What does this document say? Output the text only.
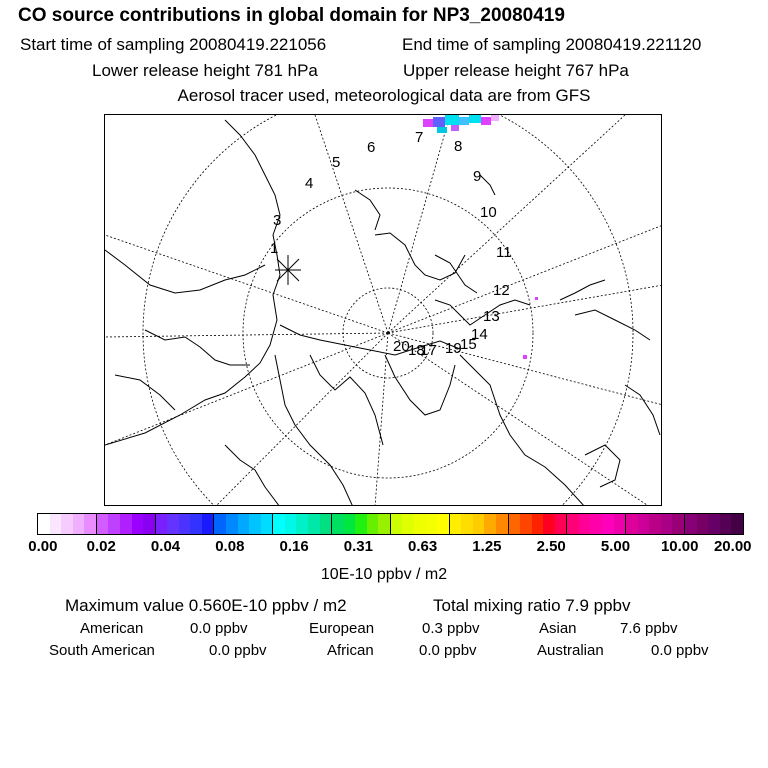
CO source contributions in global domain for NP3_20080419
Start time of sampling 20080419.221056	End time of sampling 20080419.221120
Lower release height 781 hPa	Upper release height 767 hPa
Aerosol tracer used, meteorological data are from GFS
1
3
4
5
6
7
8
9
10
11
12
13
14
15
17
18 19
20
0.00 0.02 0.04 0.08 0.16 0.31 0.63 1.25 2.50 5.00 10.00 20.00
10E-10 ppbv / m2
Maximum value 0.560E-10 ppbv / m2	Total mixing ratio 7.9 ppbv
American	0.0 ppbv	European	0.3 ppbv	Asian	7.6 ppbv
South American	0.0 ppbv	African	0.0 ppbv	Australian	0.0 ppbv
